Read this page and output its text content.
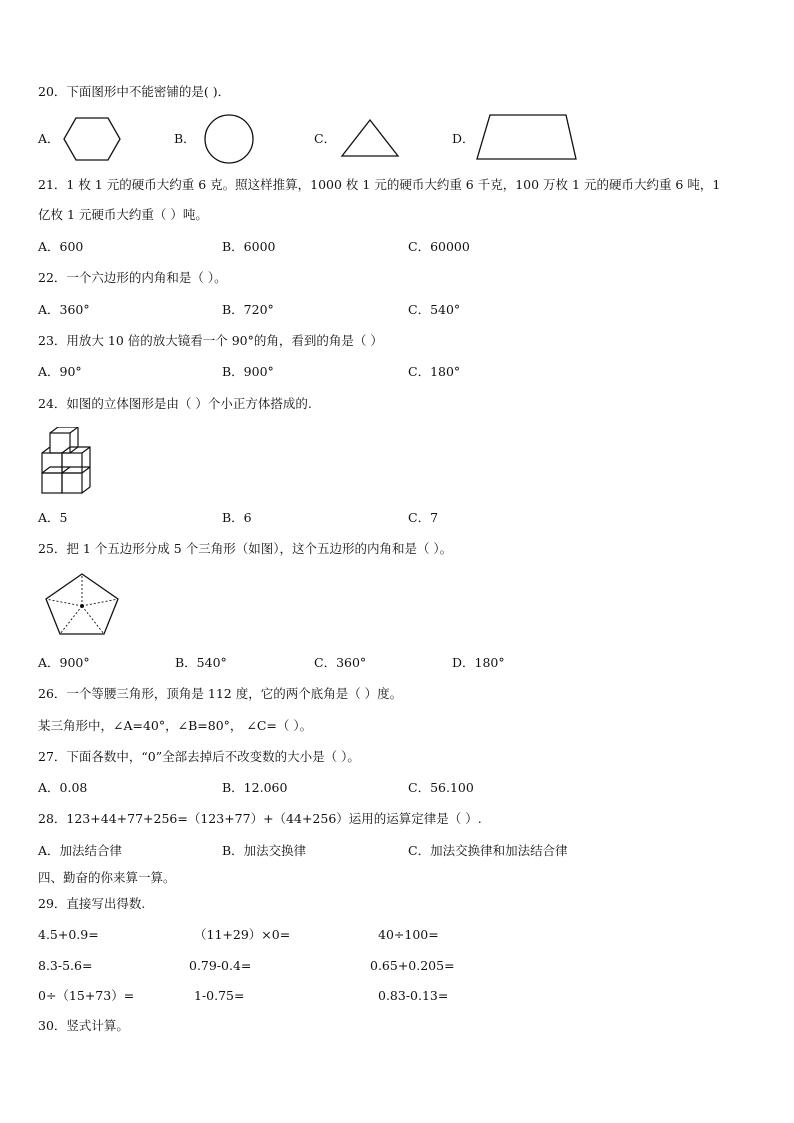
20．下面图形中不能密铺的是( )．
A．	B．	C．	D．
21．1 枚 1 元的硬币大约重 6 克。照这样推算，1000 枚 1 元的硬币大约重 6 千克，100 万枚 1 元的硬币大约重 6 吨，1
亿枚 1 元硬币大约重（ ）吨。
A．600	B．6000	C．60000
22．一个六边形的内角和是（ ）。
A．360°	B．720°	C．540°
23．用放大 10 倍的放大镜看一个 90°的角，看到的角是（ ）
A．90°	B．900°	C．180°
24．如图的立体图形是由（ ）个小正方体搭成的.
A．5	B．6	C．7
25．把 1 个五边形分成 5 个三角形（如图），这个五边形的内角和是（ ）。
A．900°	B．540°	C．360°	D．180°
26．一个等腰三角形，顶角是 112 度，它的两个底角是（ ）度。
某三角形中，∠A=40°，∠B=80°， ∠C=（ ）。
27．下面各数中，“0”全部去掉后不改变数的大小是（ ）。
A．0.08	B．12.060	C．56.100
28．123+44+77+256=（123+77）+（44+256）运用的运算定律是（ ）.
A．加法结合律	B．加法交换律	C．加法交换律和加法结合律
四、勤奋的你来算一算。
29．直接写出得数.
4.5+0.9=	（11+29）×0=	40÷100=
8.3-5.6=	0.79-0.4=	0.65+0.205=
0÷（15+73）=	1-0.75=	0.83-0.13=
30．竖式计算。
